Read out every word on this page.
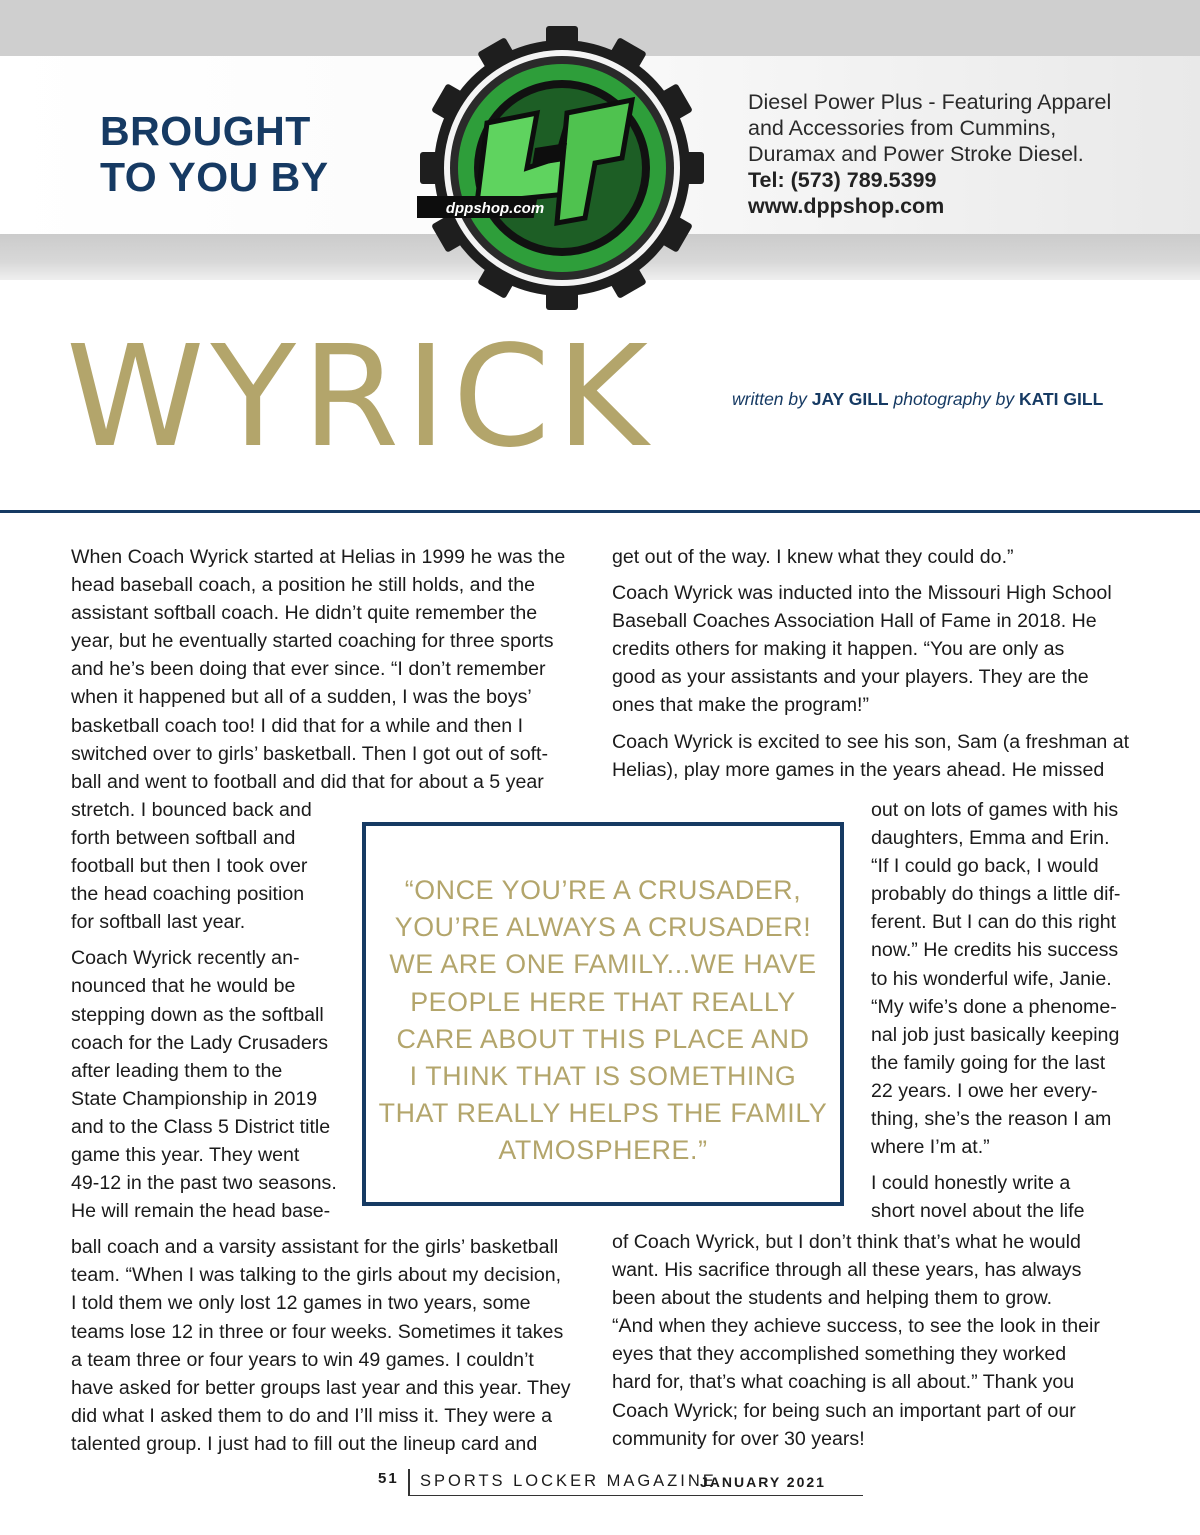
BROUGHT
TO YOU BY
dppshop.com
Diesel Power Plus - Featuring Apparel
and Accessories from Cummins,
Duramax and Power Stroke Diesel.
Tel: (573) 789.5399
www.dppshop.com
WYRICK	written by JAY GILL photography by KATI GILL

When Coach Wyrick started at Helias in 1999 he was the
head baseball coach, a position he still holds, and the
assistant softball coach. He didn’t quite remember the
year, but he eventually started coaching for three sports
and he’s been doing that ever since. “I don’t remember
when it happened but all of a sudden, I was the boys’
basketball coach too! I did that for a while and then I
switched over to girls’ basketball. Then I got out of soft-
ball and went to football and did that for about a 5 year
stretch. I bounced back and
forth between softball and
football but then I took over
the head coaching position
for softball last year.

Coach Wyrick recently an-
nounced that he would be
stepping down as the softball
coach for the Lady Crusaders
after leading them to the
State Championship in 2019
and to the Class 5 District title
game this year. They went
49-12 in the past two seasons.
He will remain the head base-
ball coach and a varsity assistant for the girls’ basketball
team. “When I was talking to the girls about my decision,
I told them we only lost 12 games in two years, some
teams lose 12 in three or four weeks. Sometimes it takes
a team three or four years to win 49 games. I couldn’t
have asked for better groups last year and this year. They
did what I asked them to do and I’ll miss it. They were a
talented group. I just had to fill out the lineup card and

get out of the way. I knew what they could do.”

Coach Wyrick was inducted into the Missouri High School
Baseball Coaches Association Hall of Fame in 2018. He
credits others for making it happen. “You are only as
good as your assistants and your players. They are the
ones that make the program!”

Coach Wyrick is excited to see his son, Sam (a freshman at
Helias), play more games in the years ahead. He missed

out on lots of games with his
daughters, Emma and Erin.
“If I could go back, I would
probably do things a little dif-
ferent. But I can do this right
now.” He credits his success
to his wonderful wife, Janie.
“My wife’s done a phenome-
nal job just basically keeping
the family going for the last
22 years. I owe her every-
thing, she’s the reason I am
where I’m at.”

I could honestly write a
short novel about the life

of Coach Wyrick, but I don’t think that’s what he would
want. His sacrifice through all these years, has always
been about the students and helping them to grow.
“And when they achieve success, to see the look in their
eyes that they accomplished something they worked
hard for, that’s what coaching is all about.” Thank you
Coach Wyrick; for being such an important part of our
community for over 30 years!

“ONCE YOU’RE A CRUSADER,
YOU’RE ALWAYS A CRUSADER!
WE ARE ONE FAMILY...WE HAVE
PEOPLE HERE THAT REALLY
CARE ABOUT THIS PLACE AND
I THINK THAT IS SOMETHING
THAT REALLY HELPS THE FAMILY
ATMOSPHERE.”
51 SPORTS LOCKER MAGAZINE
JANUARY 2021
